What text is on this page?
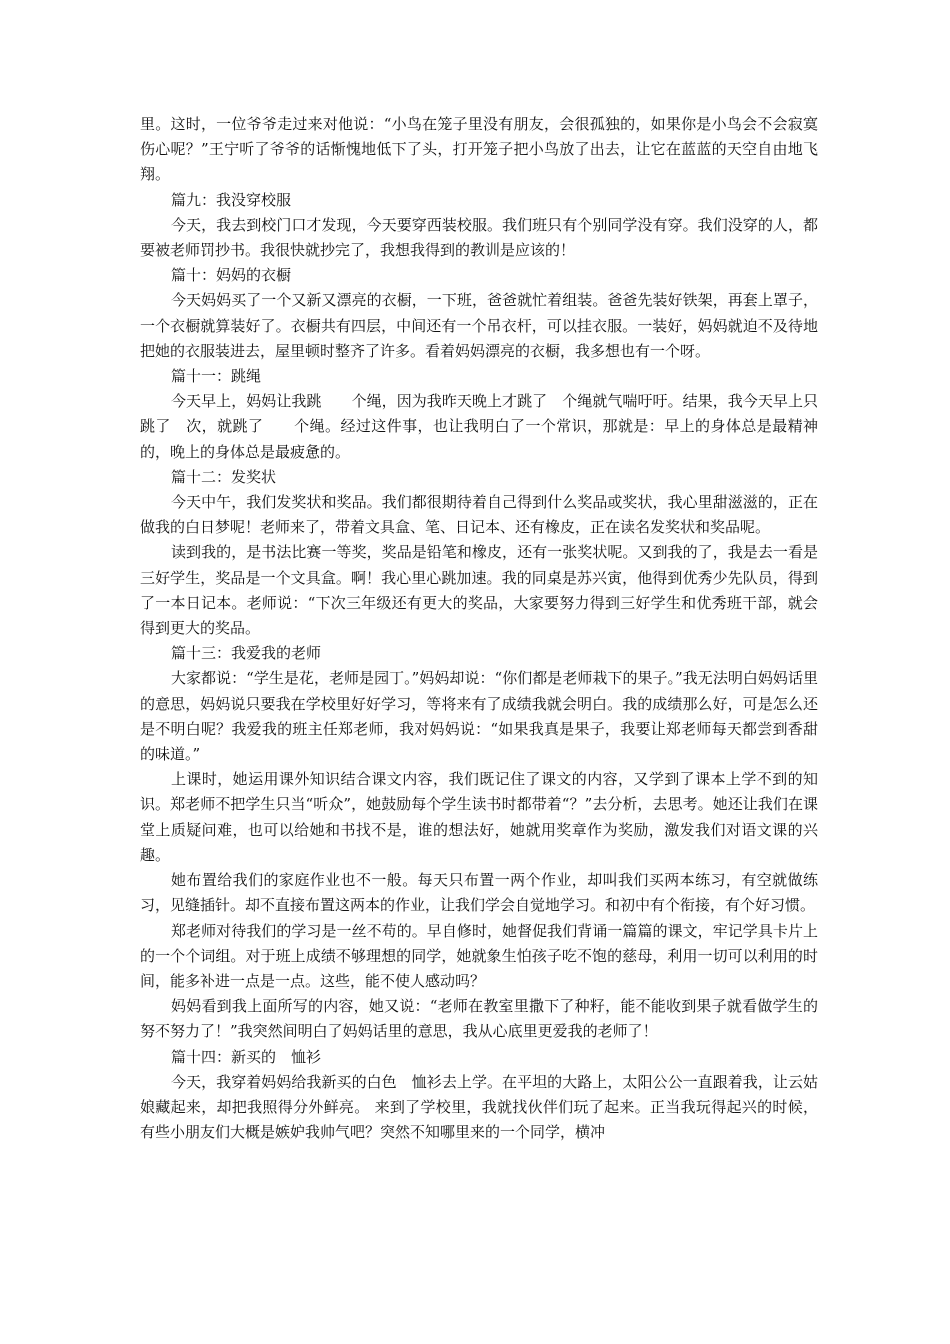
里。这时，一位爷爷走过来对他说：“小鸟在笼子里没有朋友，会很孤独的，如果你是小鸟会不会寂寞伤心呢？”王宁听了爷爷的话惭愧地低下了头，打开笼子把小鸟放了出去，让它在蓝蓝的天空自由地飞翔。

篇九：我没穿校服

今天，我去到校门口才发现，今天要穿西装校服。我们班只有个别同学没有穿。我们没穿的人，都要被老师罚抄书。我很快就抄完了，我想我得到的教训是应该的！

篇十：妈妈的衣橱

今天妈妈买了一个又新又漂亮的衣橱，一下班，爸爸就忙着组装。爸爸先装好铁架，再套上罩子，一个衣橱就算装好了。衣橱共有四层，中间还有一个吊衣杆，可以挂衣服。一装好，妈妈就迫不及待地把她的衣服装进去，屋里顿时整齐了许多。看着妈妈漂亮的衣橱，我多想也有一个呀。

篇十一：跳绳

今天早上，妈妈让我跳　　个绳，因为我昨天晚上才跳了　个绳就气喘吁吁。结果，我今天早上只跳了　次，就跳了　　个绳。经过这件事，也让我明白了一个常识，那就是：早上的身体总是最精神的，晚上的身体总是最疲惫的。

篇十二：发奖状

今天中午，我们发奖状和奖品。我们都很期待着自己得到什么奖品或奖状，我心里甜滋滋的，正在做我的白日梦呢！老师来了，带着文具盒、笔、日记本、还有橡皮，正在读名发奖状和奖品呢。

读到我的，是书法比赛一等奖，奖品是铅笔和橡皮，还有一张奖状呢。又到我的了，我是去一看是三好学生，奖品是一个文具盒。啊！我心里心跳加速。我的同桌是苏兴寅，他得到优秀少先队员，得到了一本日记本。老师说：“下次三年级还有更大的奖品，大家要努力得到三好学生和优秀班干部，就会得到更大的奖品。

篇十三：我爱我的老师

大家都说：“学生是花，老师是园丁。”妈妈却说：“你们都是老师栽下的果子。”我无法明白妈妈话里的意思，妈妈说只要我在学校里好好学习，等将来有了成绩我就会明白。我的成绩那么好，可是怎么还是不明白呢？我爱我的班主任郑老师，我对妈妈说：“如果我真是果子，我要让郑老师每天都尝到香甜的味道。”

上课时，她运用课外知识结合课文内容，我们既记住了课文的内容，又学到了课本上学不到的知识。郑老师不把学生只当“听众”，她鼓励每个学生读书时都带着“？”去分析，去思考。她还让我们在课堂上质疑问难，也可以给她和书找不是，谁的想法好，她就用奖章作为奖励，激发我们对语文课的兴趣。

她布置给我们的家庭作业也不一般。每天只布置一两个作业，却叫我们买两本练习，有空就做练习，见缝插针。却不直接布置这两本的作业，让我们学会自觉地学习。和初中有个衔接，有个好习惯。

郑老师对待我们的学习是一丝不苟的。早自修时，她督促我们背诵一篇篇的课文，牢记学具卡片上的一个个词组。对于班上成绩不够理想的同学，她就象生怕孩子吃不饱的慈母，利用一切可以利用的时间，能多补进一点是一点。这些，能不使人感动吗？

妈妈看到我上面所写的内容，她又说：“老师在教室里撒下了种籽，能不能收到果子就看做学生的努不努力了！”我突然间明白了妈妈话里的意思，我从心底里更爱我的老师了！

篇十四：新买的　恤衫

今天，我穿着妈妈给我新买的白色　恤衫去上学。在平坦的大路上，太阳公公一直跟着我，让云姑娘藏起来，却把我照得分外鲜亮。 来到了学校里，我就找伙伴们玩了起来。正当我玩得起兴的时候，有些小朋友们大概是嫉妒我帅气吧？突然不知哪里来的一个同学，横冲
